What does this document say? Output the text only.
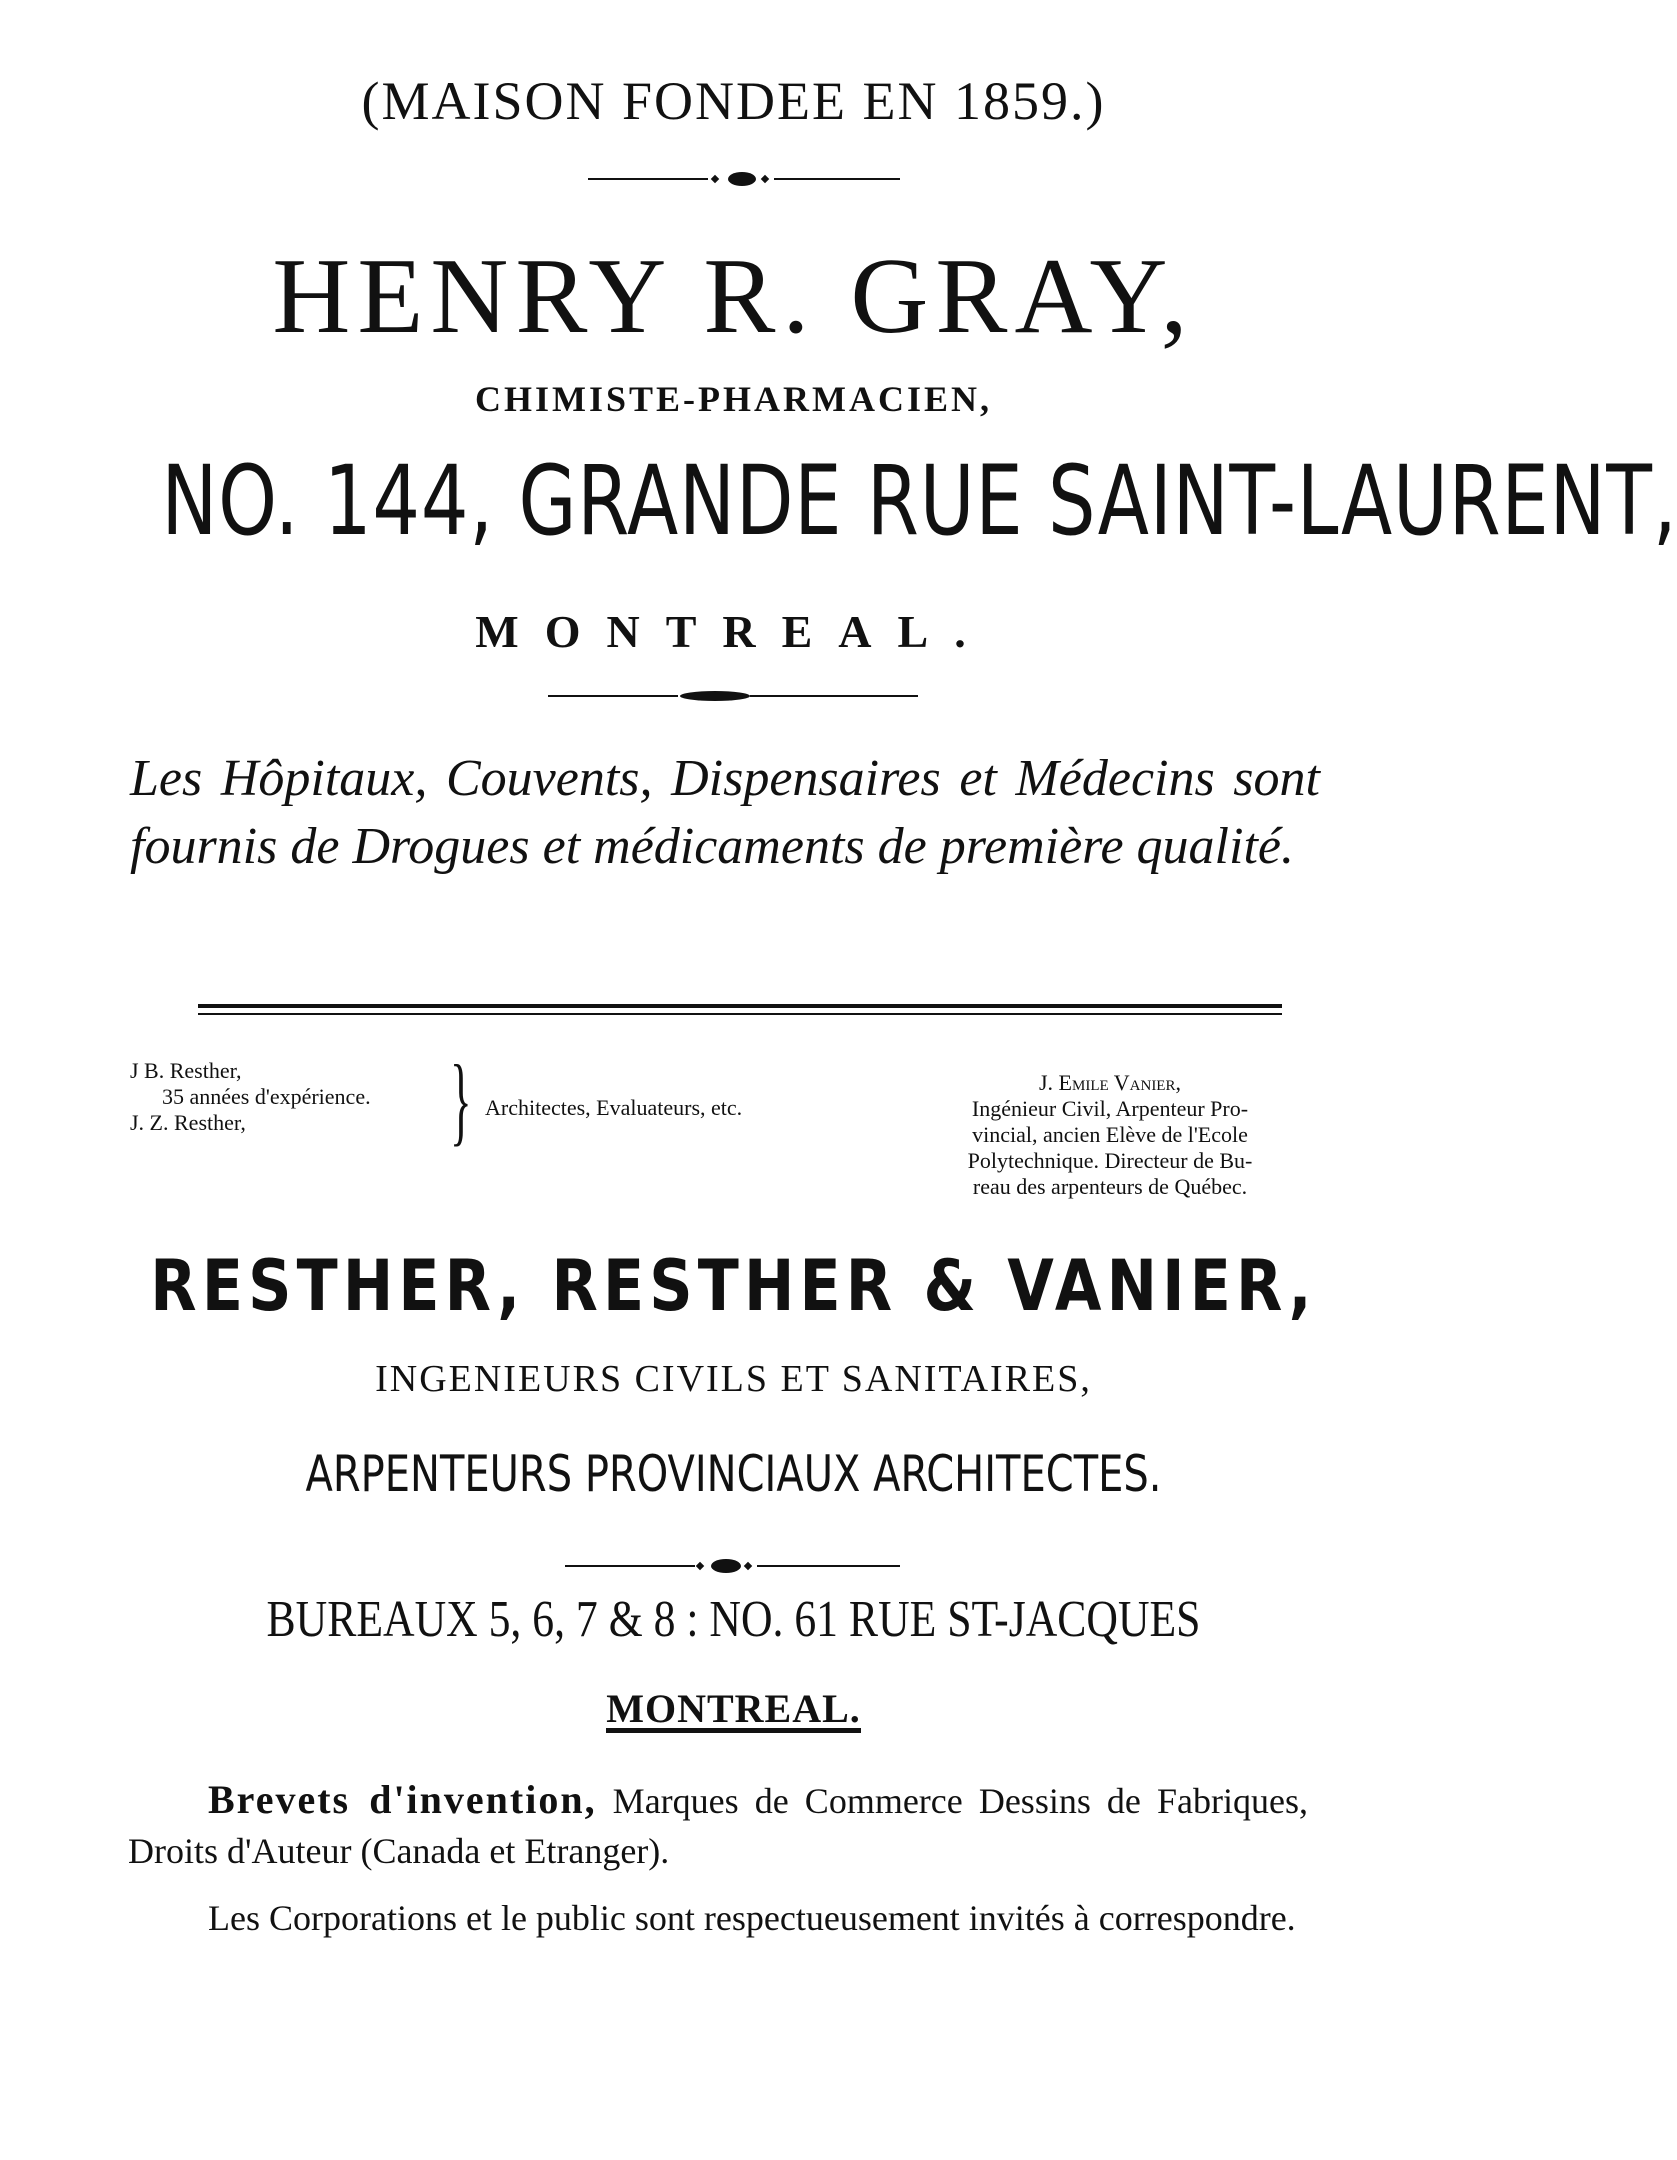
(MAISON FONDEE EN 1859.)
HENRY R. GRAY,
CHIMISTE-PHARMACIEN,
NO. 144, GRANDE RUE SAINT-LAURENT,
MONTREAL.
Les Hôpitaux, Couvents, Dispensaires et Médecins sont fournis de Drogues et médicaments de première qualité.
J B. Resther,
35 années d'expérience.
J. Z. Resther,	} Architectes, Evaluateurs, etc.
J. Emile Vanier,
Ingénieur Civil, Arpenteur Pro-
vincial, ancien Elève de l'Ecole
Polytechnique. Directeur de Bu-
reau des arpenteurs de Québec.
RESTHER, RESTHER & VANIER,
INGENIEURS CIVILS ET SANITAIRES,
ARPENTEURS PROVINCIAUX ARCHITECTES.
BUREAUX 5, 6, 7 & 8 : NO. 61 RUE ST-JACQUES
MONTREAL.
Brevets d'invention, Marques de Commerce Dessins de Fabriques, Droits d'Auteur (Canada et Etranger).
Les Corporations et le public sont respectueusement invités à correspondre.
